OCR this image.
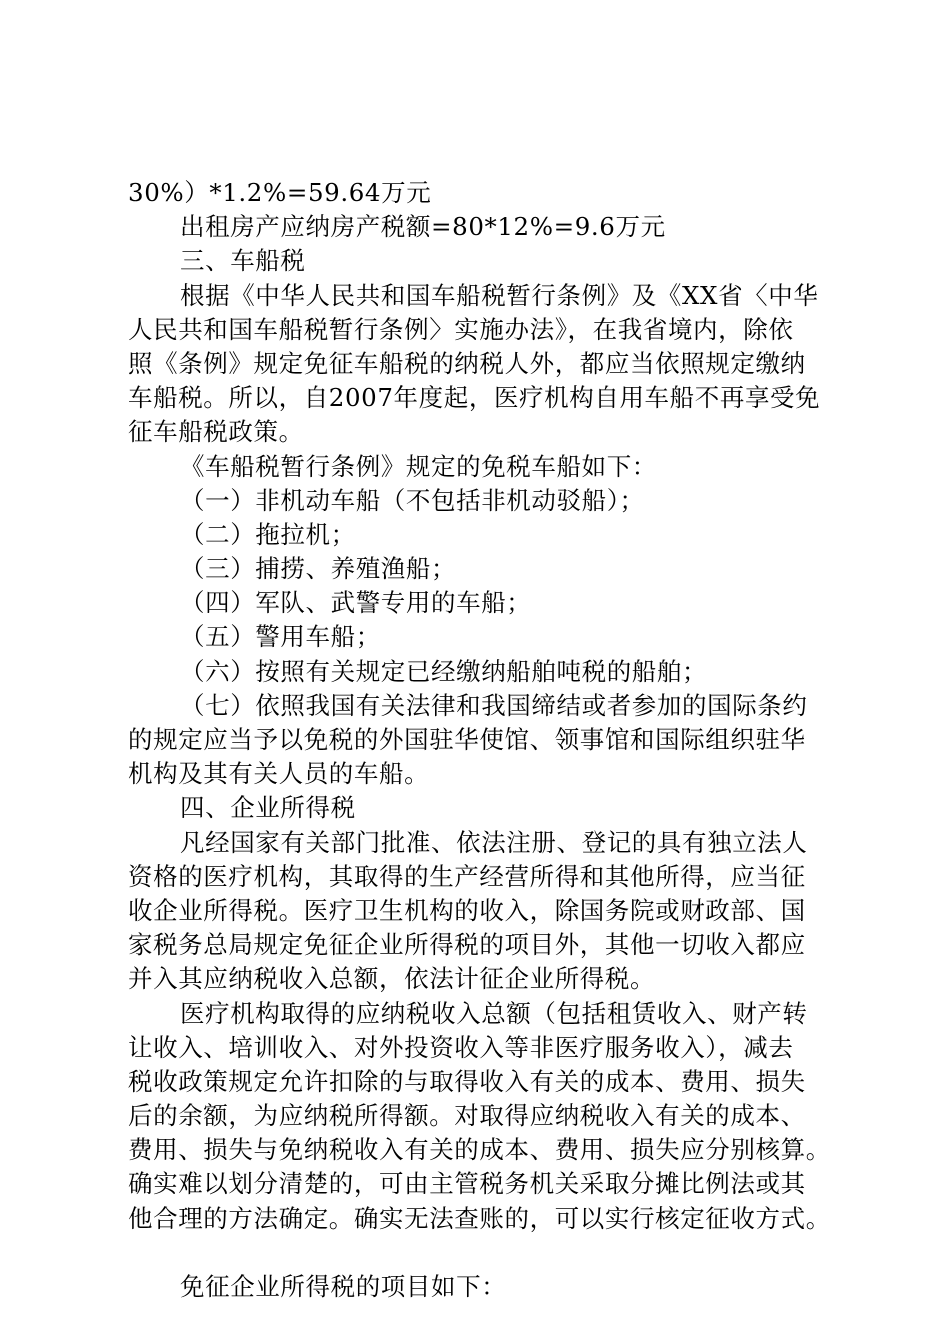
30%）*1.2%=59.64万元
出租房产应纳房产税额=80*12%=9.6万元
三、车船税
根据《中华人民共和国车船税暂行条例》及《XX省〈中华
人民共和国车船税暂行条例〉实施办法》，在我省境内，除依
照《条例》规定免征车船税的纳税人外，都应当依照规定缴纳
车船税。所以，自2007年度起，医疗机构自用车船不再享受免
征车船税政策。
《车船税暂行条例》规定的免税车船如下：
（一）非机动车船（不包括非机动驳船）；
（二）拖拉机；
（三）捕捞、养殖渔船；
（四）军队、武警专用的车船；
（五）警用车船；
（六）按照有关规定已经缴纳船舶吨税的船舶；
（七）依照我国有关法律和我国缔结或者参加的国际条约
的规定应当予以免税的外国驻华使馆、领事馆和国际组织驻华
机构及其有关人员的车船。
四、企业所得税
凡经国家有关部门批准、依法注册、登记的具有独立法人
资格的医疗机构，其取得的生产经营所得和其他所得，应当征
收企业所得税。医疗卫生机构的收入，除国务院或财政部、国
家税务总局规定免征企业所得税的项目外，其他一切收入都应
并入其应纳税收入总额，依法计征企业所得税。
医疗机构取得的应纳税收入总额（包括租赁收入、财产转
让收入、培训收入、对外投资收入等非医疗服务收入），减去
税收政策规定允许扣除的与取得收入有关的成本、费用、损失
后的余额，为应纳税所得额。对取得应纳税收入有关的成本、
费用、损失与免纳税收入有关的成本、费用、损失应分别核算。
确实难以划分清楚的，可由主管税务机关采取分摊比例法或其
他合理的方法确定。确实无法查账的，可以实行核定征收方式。
免征企业所得税的项目如下：
